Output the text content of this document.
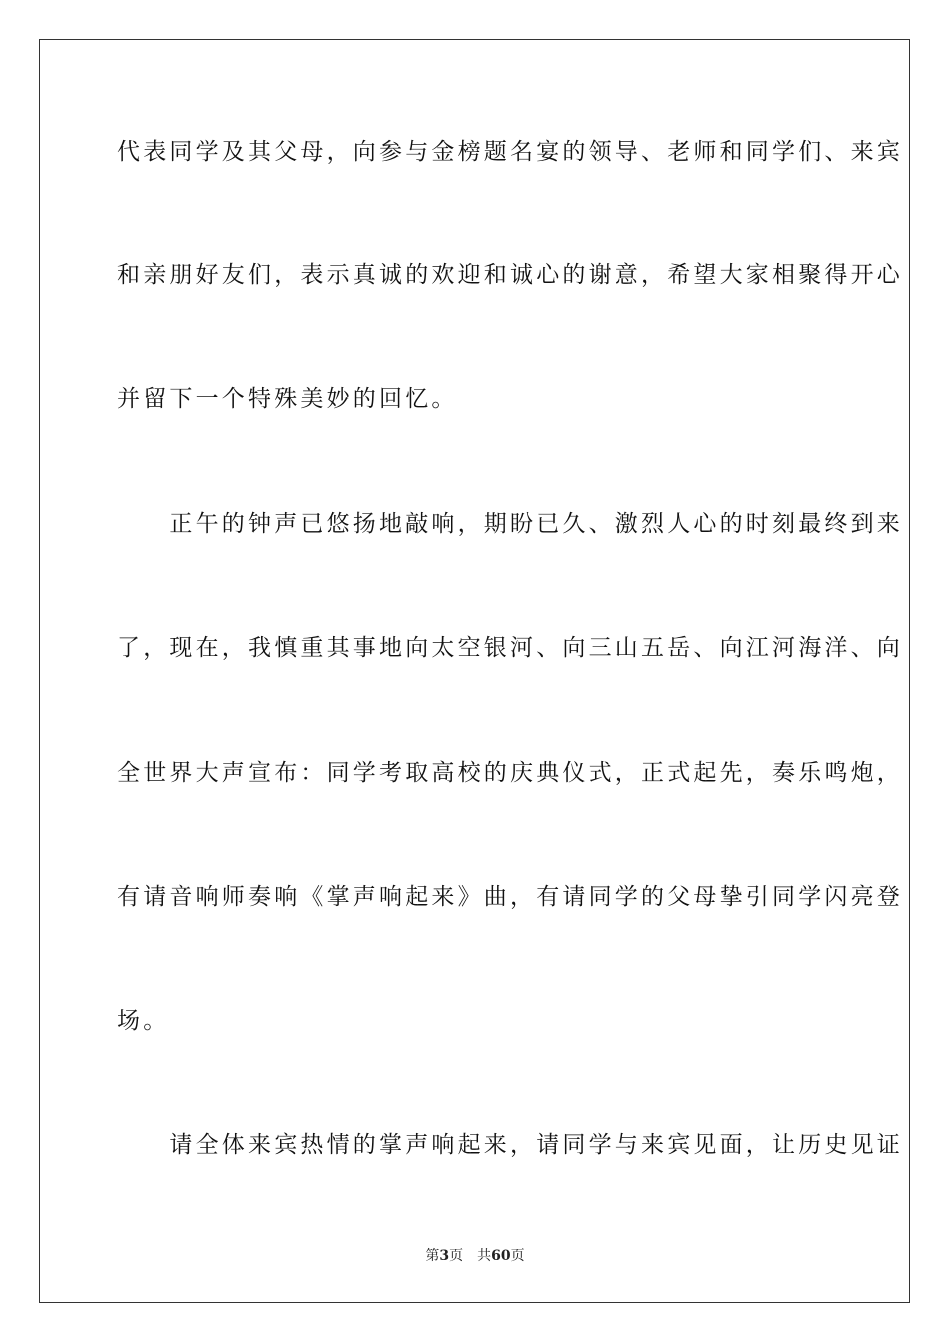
代表同学及其父母，向参与金榜题名宴的领导、老师和同学们、来宾
和亲朋好友们，表示真诚的欢迎和诚心的谢意，希望大家相聚得开心
并留下一个特殊美妙的回忆。
　　正午的钟声已悠扬地敲响，期盼已久、激烈人心的时刻最终到来
了，现在，我慎重其事地向太空银河、向三山五岳、向江河海洋、向
全世界大声宣布：同学考取高校的庆典仪式，正式起先，奏乐鸣炮，
有请音响师奏响《掌声响起来》曲，有请同学的父母挚引同学闪亮登
场。
　　请全体来宾热情的掌声响起来，请同学与来宾见面，让历史见证
第3页 共60页
